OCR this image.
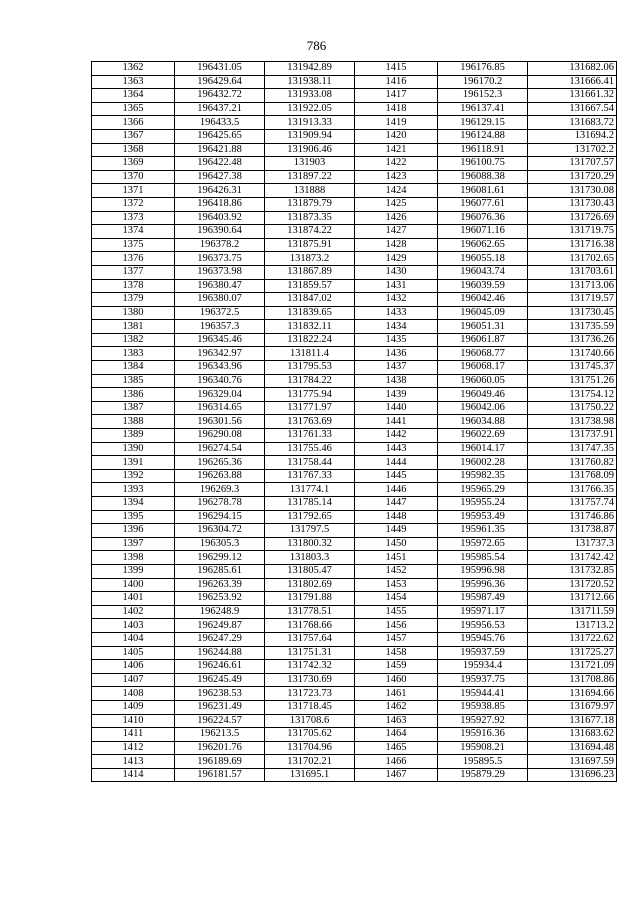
786
1362	196431.05	131942.89	1415	196176.85	131682.06
1363	196429.64	131938.11	1416	196170.2	131666.41
1364	196432.72	131933.08	1417	196152.3	131661.32
1365	196437.21	131922.05	1418	196137.41	131667.54
1366	196433.5	131913.33	1419	196129.15	131683.72
1367	196425.65	131909.94	1420	196124.88	131694.2
1368	196421.88	131906.46	1421	196118.91	131702.2
1369	196422.48	131903	1422	196100.75	131707.57
1370	196427.38	131897.22	1423	196088.38	131720.29
1371	196426.31	131888	1424	196081.61	131730.08
1372	196418.86	131879.79	1425	196077.61	131730.43
1373	196403.92	131873.35	1426	196076.36	131726.69
1374	196390.64	131874.22	1427	196071.16	131719.75
1375	196378.2	131875.91	1428	196062.65	131716.38
1376	196373.75	131873.2	1429	196055.18	131702.65
1377	196373.98	131867.89	1430	196043.74	131703.61
1378	196380.47	131859.57	1431	196039.59	131713.06
1379	196380.07	131847.02	1432	196042.46	131719.57
1380	196372.5	131839.65	1433	196045.09	131730.45
1381	196357.3	131832.11	1434	196051.31	131735.59
1382	196345.46	131822.24	1435	196061.87	131736.26
1383	196342.97	131811.4	1436	196068.77	131740.66
1384	196343.96	131795.53	1437	196068.17	131745.37
1385	196340.76	131784.22	1438	196060.05	131751.26
1386	196329.04	131775.94	1439	196049.46	131754.12
1387	196314.65	131771.97	1440	196042.06	131750.22
1388	196301.56	131763.69	1441	196034.88	131738.98
1389	196290.08	131761.33	1442	196022.69	131737.91
1390	196274.54	131755.46	1443	196014.17	131747.35
1391	196265.36	131758.44	1444	196002.28	131760.82
1392	196263.88	131767.33	1445	195982.35	131768.09
1393	196269.3	131774.1	1446	195965.29	131766.35
1394	196278.78	131785.14	1447	195955.24	131757.74
1395	196294.15	131792.65	1448	195953.49	131746.86
1396	196304.72	131797.5	1449	195961.35	131738.87
1397	196305.3	131800.32	1450	195972.65	131737.3
1398	196299.12	131803.3	1451	195985.54	131742.42
1399	196285.61	131805.47	1452	195996.98	131732.85
1400	196263.39	131802.69	1453	195996.36	131720.52
1401	196253.92	131791.88	1454	195987.49	131712.66
1402	196248.9	131778.51	1455	195971.17	131711.59
1403	196249.87	131768.66	1456	195956.53	131713.2
1404	196247.29	131757.64	1457	195945.76	131722.62
1405	196244.88	131751.31	1458	195937.59	131725.27
1406	196246.61	131742.32	1459	195934.4	131721.09
1407	196245.49	131730.69	1460	195937.75	131708.86
1408	196238.53	131723.73	1461	195944.41	131694.66
1409	196231.49	131718.45	1462	195938.85	131679.97
1410	196224.57	131708.6	1463	195927.92	131677.18
1411	196213.5	131705.62	1464	195916.36	131683.62
1412	196201.76	131704.96	1465	195908.21	131694.48
1413	196189.69	131702.21	1466	195895.5	131697.59
1414	196181.57	131695.1	1467	195879.29	131696.23
